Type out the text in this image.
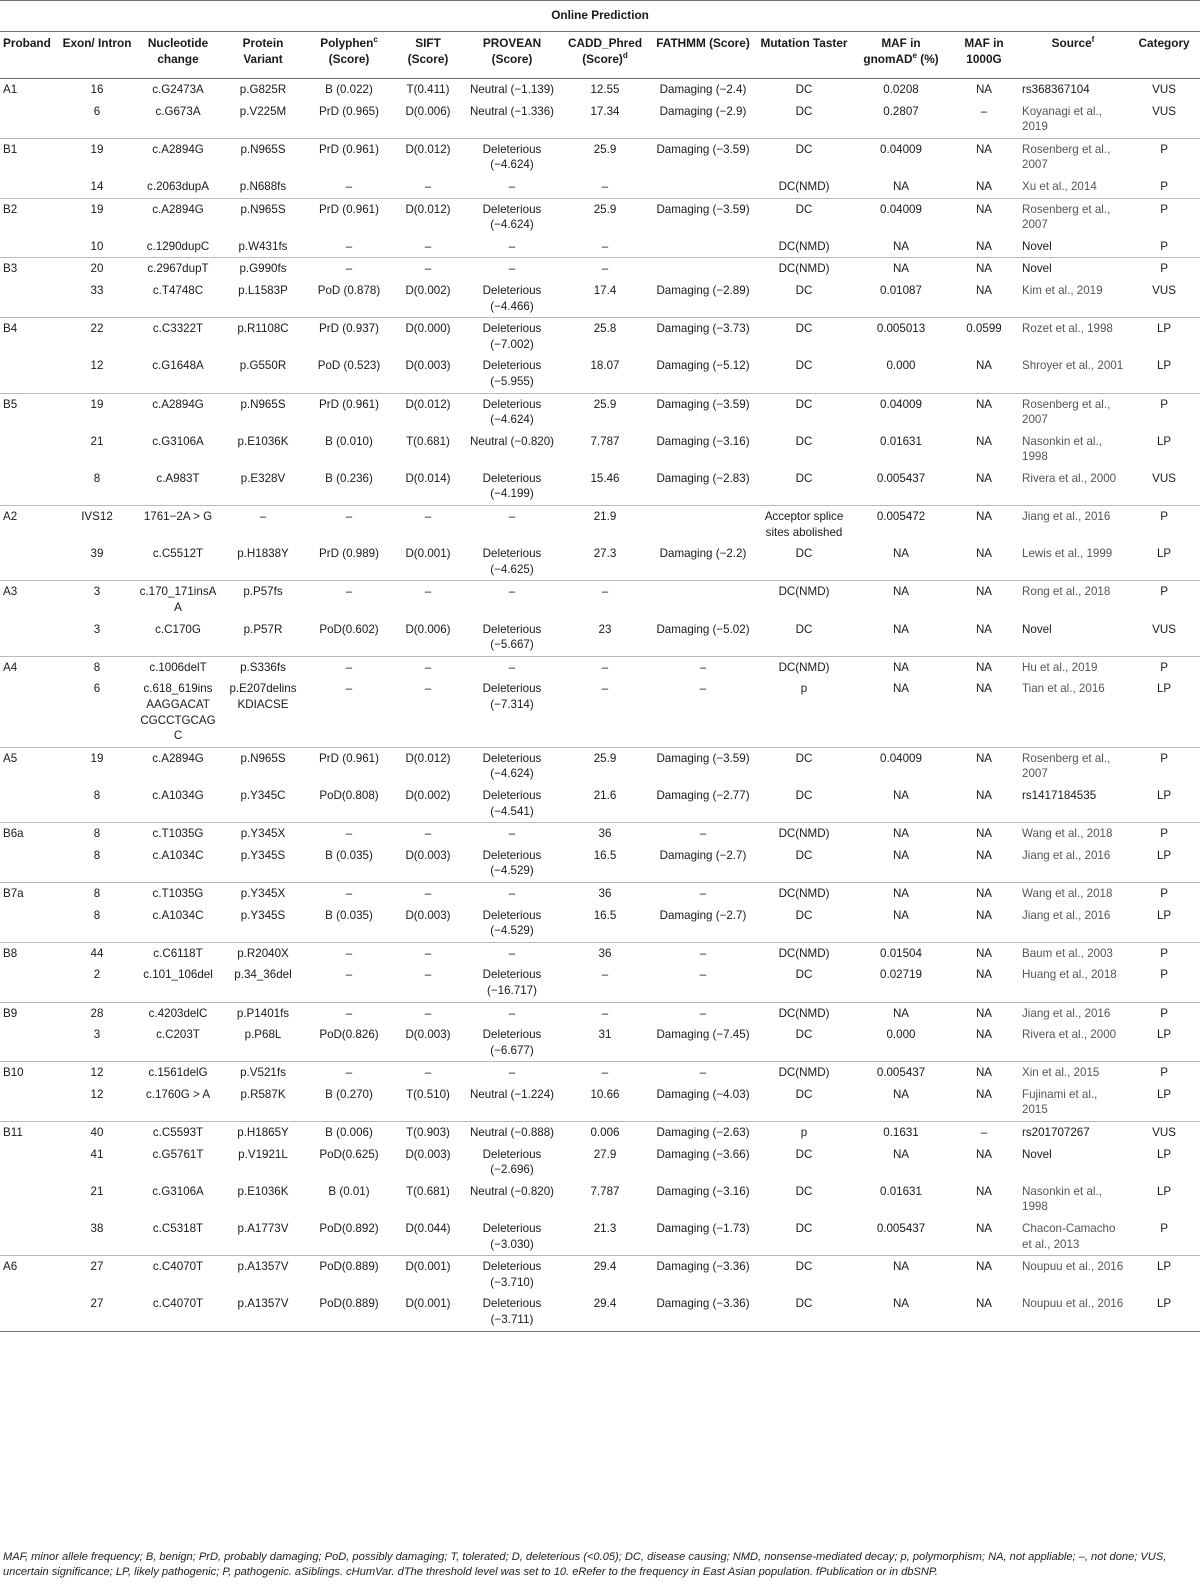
Online Prediction													
Proband	Exon/ Intron	Nucleotide change	Protein Variant	Polyphen$^c$ (Score)	SIFT (Score)	PROVEAN (Score)	CADD_Phred (Score)$^d$	FATHMM (Score)	Mutation Taster	MAF in gnomAD$^e$ (%)	MAF in 1000G	Source$^f$	Category
A1	16	c.G2473A	p.G825R	B (0.022)	T(0.411)	Neutral (−1.139)	12.55	Damaging (−2.4)	DC	0.0208	NA	rs368367104	VUS
	6	c.G673A	p.V225M	PrD (0.965)	D(0.006)	Neutral (−1.336)	17.34	Damaging (−2.9)	DC	0.2807	–	Koyanagi et al., 2019	VUS
B1	19	c.A2894G	p.N965S	PrD (0.961)	D(0.012)	Deleterious (−4.624)	25.9	Damaging (−3.59)	DC	0.04009	NA	Rosenberg et al., 2007	P
	14	c.2063dupA	p.N688fs	–	–	–	–		DC(NMD)	NA	NA	Xu et al., 2014	P
B2	19	c.A2894G	p.N965S	PrD (0.961)	D(0.012)	Deleterious (−4.624)	25.9	Damaging (−3.59)	DC	0.04009	NA	Rosenberg et al., 2007	P
	10	c.1290dupC	p.W431fs	–	–	–	–		DC(NMD)	NA	NA	Novel	P
B3	20	c.2967dupT	p.G990fs	–	–	–	–		DC(NMD)	NA	NA	Novel	P
	33	c.T4748C	p.L1583P	PoD (0.878)	D(0.002)	Deleterious (−4.466)	17.4	Damaging (−2.89)	DC	0.01087	NA	Kim et al., 2019	VUS
B4	22	c.C3322T	p.R1108C	PrD (0.937)	D(0.000)	Deleterious (−7.002)	25.8	Damaging (−3.73)	DC	0.005013	0.0599	Rozet et al., 1998	LP
	12	c.G1648A	p.G550R	PoD (0.523)	D(0.003)	Deleterious (−5.955)	18.07	Damaging (−5.12)	DC	0.000	NA	Shroyer et al., 2001	LP
B5	19	c.A2894G	p.N965S	PrD (0.961)	D(0.012)	Deleterious (−4.624)	25.9	Damaging (−3.59)	DC	0.04009	NA	Rosenberg et al., 2007	P
	21	c.G3106A	p.E1036K	B (0.010)	T(0.681)	Neutral (−0.820)	7.787	Damaging (−3.16)	DC	0.01631	NA	Nasonkin et al., 1998	LP
	8	c.A983T	p.E328V	B (0.236)	D(0.014)	Deleterious (−4.199)	15.46	Damaging (−2.83)	DC	0.005437	NA	Rivera et al., 2000	VUS
A2	IVS12	1761−2A > G	–	–	–	–	21.9		Acceptor splice sites abolished	0.005472	NA	Jiang et al., 2016	P
	39	c.C5512T	p.H1838Y	PrD (0.989)	D(0.001)	Deleterious (−4.625)	27.3	Damaging (−2.2)	DC	NA	NA	Lewis et al., 1999	LP
A3	3	c.170_171insAA	p.P57fs	–	–	–	–		DC(NMD)	NA	NA	Rong et al., 2018	P
	3	c.C170G	p.P57R	PoD(0.602)	D(0.006)	Deleterious (−5.667)	23	Damaging (−5.02)	DC	NA	NA	Novel	VUS
A4	8	c.1006delT	p.S336fs	–	–	–	–	–	DC(NMD)	NA	NA	Hu et al., 2019	P
	6	c.618_619ins AAGGACAT CGCCTGCAGC	p.E207delins KDIACSE	–	–	Deleterious (−7.314)	–	–	p	NA	NA	Tian et al., 2016	LP
A5	19	c.A2894G	p.N965S	PrD (0.961)	D(0.012)	Deleterious (−4.624)	25.9	Damaging (−3.59)	DC	0.04009	NA	Rosenberg et al., 2007	P
	8	c.A1034G	p.Y345C	PoD(0.808)	D(0.002)	Deleterious (−4.541)	21.6	Damaging (−2.77)	DC	NA	NA	rs1417184535	LP
B6a	8	c.T1035G	p.Y345X	–	–	–	36	–	DC(NMD)	NA	NA	Wang et al., 2018	P
	8	c.A1034C	p.Y345S	B (0.035)	D(0.003)	Deleterious (−4.529)	16.5	Damaging (−2.7)	DC	NA	NA	Jiang et al., 2016	LP
B7a	8	c.T1035G	p.Y345X	–	–	–	36	–	DC(NMD)	NA	NA	Wang et al., 2018	P
	8	c.A1034C	p.Y345S	B (0.035)	D(0.003)	Deleterious (−4.529)	16.5	Damaging (−2.7)	DC	NA	NA	Jiang et al., 2016	LP
B8	44	c.C6118T	p.R2040X	–	–	–	36	–	DC(NMD)	0.01504	NA	Baum et al., 2003	P
	2	c.101_106del	p.34_36del	–	–	Deleterious (−16.717)	–	–	DC	0.02719	NA	Huang et al., 2018	P
B9	28	c.4203delC	p.P1401fs	–	–	–	–	–	DC(NMD)	NA	NA	Jiang et al., 2016	P
	3	c.C203T	p.P68L	PoD(0.826)	D(0.003)	Deleterious (−6.677)	31	Damaging (−7.45)	DC	0.000	NA	Rivera et al., 2000	LP
B10	12	c.1561delG	p.V521fs	–	–	–	–	–	DC(NMD)	0.005437	NA	Xin et al., 2015	P
	12	c.1760G > A	p.R587K	B (0.270)	T(0.510)	Neutral (−1.224)	10.66	Damaging (−4.03)	DC	NA	NA	Fujinami et al., 2015	LP
B11	40	c.C5593T	p.H1865Y	B (0.006)	T(0.903)	Neutral (−0.888)	0.006	Damaging (−2.63)	p	0.1631	–	rs201707267	VUS
	41	c.G5761T	p.V1921L	PoD(0.625)	D(0.003)	Deleterious (−2.696)	27.9	Damaging (−3.66)	DC	NA	NA	Novel	LP
	21	c.G3106A	p.E1036K	B (0.01)	T(0.681)	Neutral (−0.820)	7.787	Damaging (−3.16)	DC	0.01631	NA	Nasonkin et al., 1998	LP
	38	c.C5318T	p.A1773V	PoD(0.892)	D(0.044)	Deleterious (−3.030)	21.3	Damaging (−1.73)	DC	0.005437	NA	Chacon-Camacho et al., 2013	P
A6	27	c.C4070T	p.A1357V	PoD(0.889)	D(0.001)	Deleterious (−3.710)	29.4	Damaging (−3.36)	DC	NA	NA	Noupuu et al., 2016	LP
	27	c.C4070T	p.A1357V	PoD(0.889)	D(0.001)	Deleterious (−3.711)	29.4	Damaging (−3.36)	DC	NA	NA	Noupuu et al., 2016	LP
MAF, minor allele frequency; B, benign; PrD, probably damaging; PoD, possibly damaging; T, tolerated; D, deleterious (<0.05); DC, disease causing; NMD, nonsense-mediated decay; p, polymorphism; NA, not appliable; –, not done; VUS, uncertain significance; LP, likely pathogenic; P, pathogenic. aSiblings. cHumVar. dThe threshold level was set to 10. eRefer to the frequency in East Asian population. fPublication or in dbSNP.
